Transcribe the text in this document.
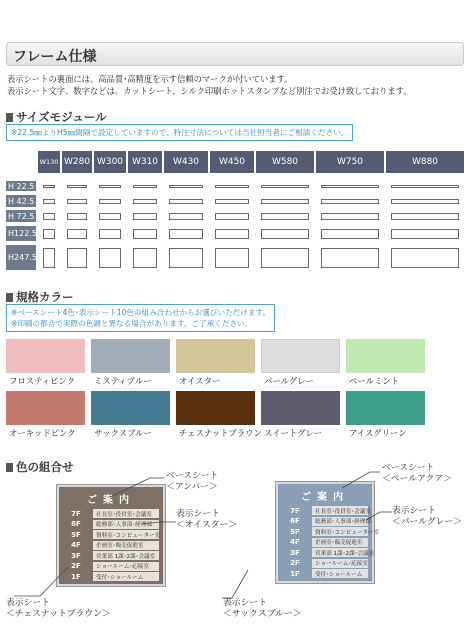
フレーム仕様
表示シートの裏面には、高品質･高精度を示す信頼のマークが付いています。
表示シート文字、数字などは、カットシート、シルク印刷ホットスタンプなど別注でお受け致しております。
サイズモジュール
※22.5㎜よりH5㎜間隔で設定していますので、特注寸法については当社担当者にご相談ください。
W130 W280 W300 W310	W430	W450	W580	W750	W880
H 22.5
H 42.5
H 72.5
H122.5
H247.5
規格カラー
※ベースシート4色･表示シート10色の組み合わせからお選びいただけます。
※印刷の都合で実際の色調と異なる場合があります。ご了承ください。
フロスティピンク ミスティブルー	オイスター	パールグレー	ペールミント
オーキッドピンク サックスブルー	チェスナットブラウン スイートグレー	アイスグリーン
色の組合せ
ご案内
7F	社長室･役員室･会議室
6F	総務部･人事部･経理部
5F	資料室･コンピューター室
4F	企画室･販売促進室
3F	営業部 1課･2課･会議室
2F	ショールーム･応接室
1F	受付･ショールーム
ご案内
7F	社長室･役員室･会議室
6F	総務部･人事部･経理部
5F	資料室･コンピューター室
4F	企画室･販売促進室
3F	営業部 1課･2課･会議室
2F	ショールーム･応接室
1F	受付･ショールーム
ベースシート
＜アンバー＞
表示シート
＜オイスター＞
表示シート
＜チェスナットブラウン＞
ベースシート
＜ペールアクア＞
表示シート
＜パールグレー＞
表示シート
＜サックスブルー＞
